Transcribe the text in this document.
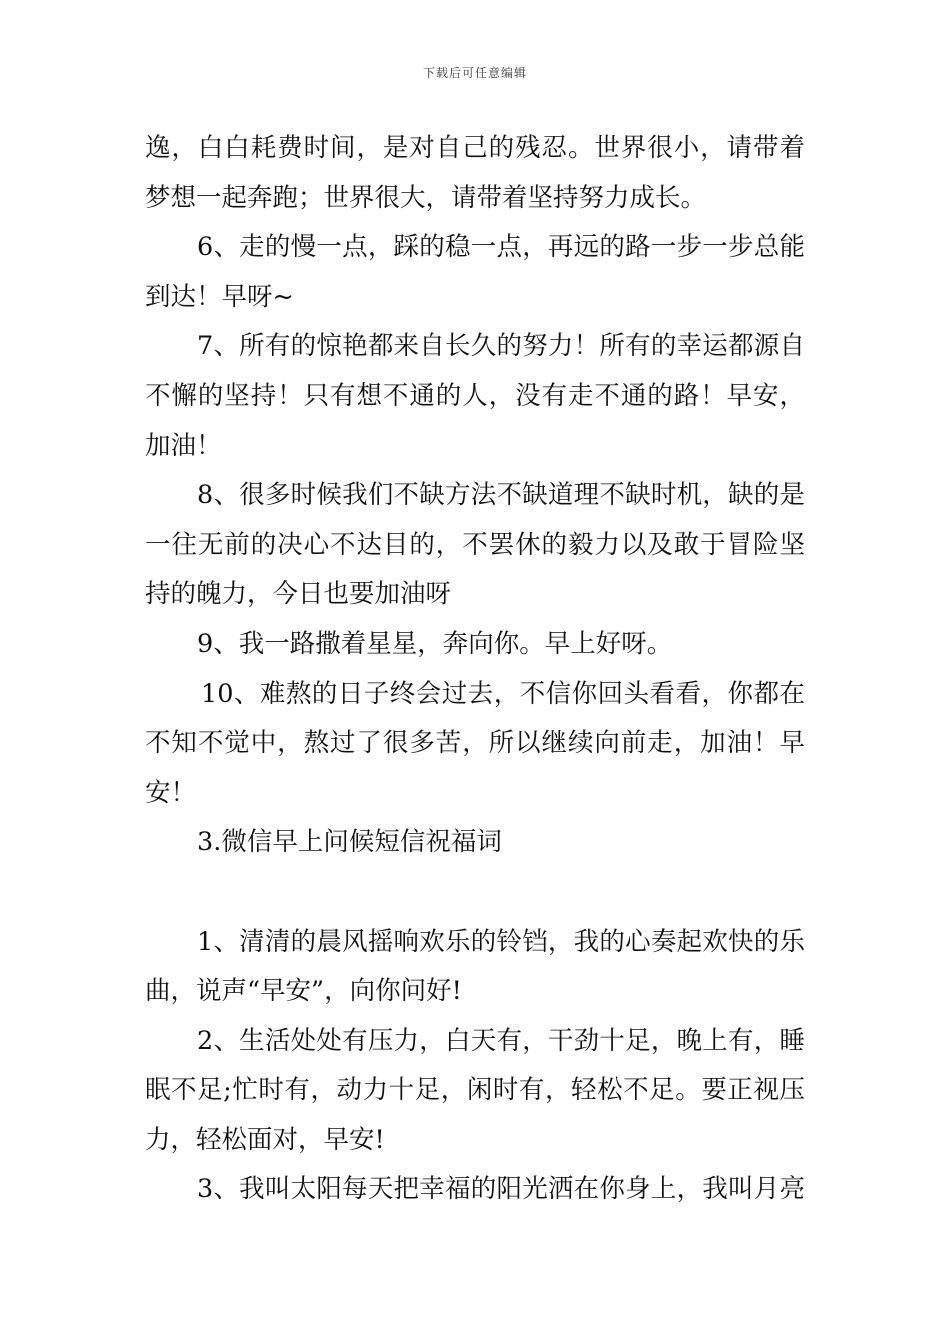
下载后可任意编辑
逸，白白耗费时间，是对自己的残忍。世界很小，请带着
梦想一起奔跑；世界很大，请带着坚持努力成长。
6、走的慢一点，踩的稳一点，再远的路一步一步总能
到达！早呀~
7、所有的惊艳都来自长久的努力！所有的幸运都源自
不懈的坚持！只有想不通的人，没有走不通的路！早安，
加油！
8、很多时候我们不缺方法不缺道理不缺时机，缺的是
一往无前的决心不达目的，不罢休的毅力以及敢于冒险坚
持的魄力，今日也要加油呀
9、我一路撒着星星，奔向你。早上好呀。
10、难熬的日子终会过去，不信你回头看看，你都在
不知不觉中，熬过了很多苦，所以继续向前走，加油！早
安！
3.微信早上问候短信祝福词
1、清清的晨风摇响欢乐的铃铛，我的心奏起欢快的乐
曲，说声“早安”，向你问好!
2、生活处处有压力，白天有，干劲十足，晚上有，睡
眠不足;忙时有，动力十足，闲时有，轻松不足。要正视压
力，轻松面对，早安!
3、我叫太阳每天把幸福的阳光洒在你身上，我叫月亮
